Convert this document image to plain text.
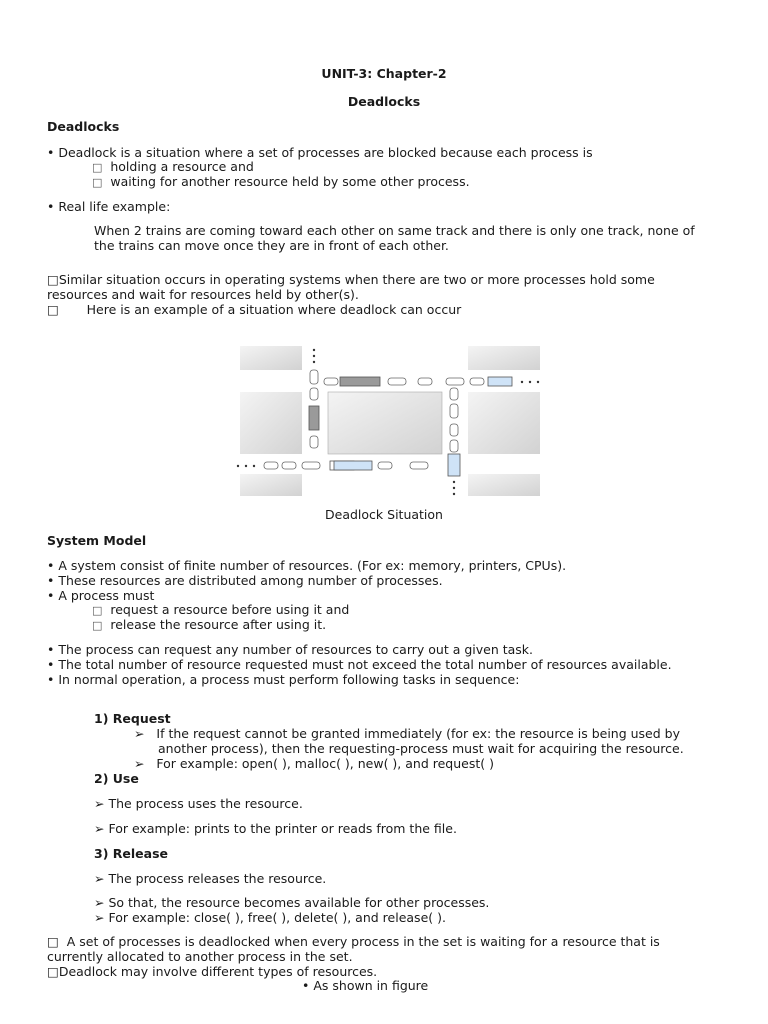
UNIT-3: Chapter-2
Deadlocks
Deadlocks
• Deadlock is a situation where a set of processes are blocked because each process is
□ holding a resource and
□ waiting for another resource held by some other process.
• Real life example:
When 2 trains are coming toward each other on same track and there is only one track, none of
the trains can move once they are in front of each other.
□Similar situation occurs in operating systems when there are two or more processes hold some
resources and wait for resources held by other(s).
□ Here is an example of a situation where deadlock can occur
Deadlock Situation
System Model
• A system consist of finite number of resources. (For ex: memory, printers, CPUs).
• These resources are distributed among number of processes.
• A process must
□ request a resource before using it and
□ release the resource after using it.
• The process can request any number of resources to carry out a given task.
• The total number of resource requested must not exceed the total number of resources available.
• In normal operation, a process must perform following tasks in sequence:
1) Request
➢ If the request cannot be granted immediately (for ex: the resource is being used by
another process), then the requesting-process must wait for acquiring the resource.
➢ For example: open( ), malloc( ), new( ), and request( )
2) Use
➢ The process uses the resource.
➢ For example: prints to the printer or reads from the file.
3) Release
➢ The process releases the resource.
➢ So that, the resource becomes available for other processes.
➢ For example: close( ), free( ), delete( ), and release( ).
□ A set of processes is deadlocked when every process in the set is waiting for a resource that is
currently allocated to another process in the set.
□Deadlock may involve different types of resources.
• As shown in figure
